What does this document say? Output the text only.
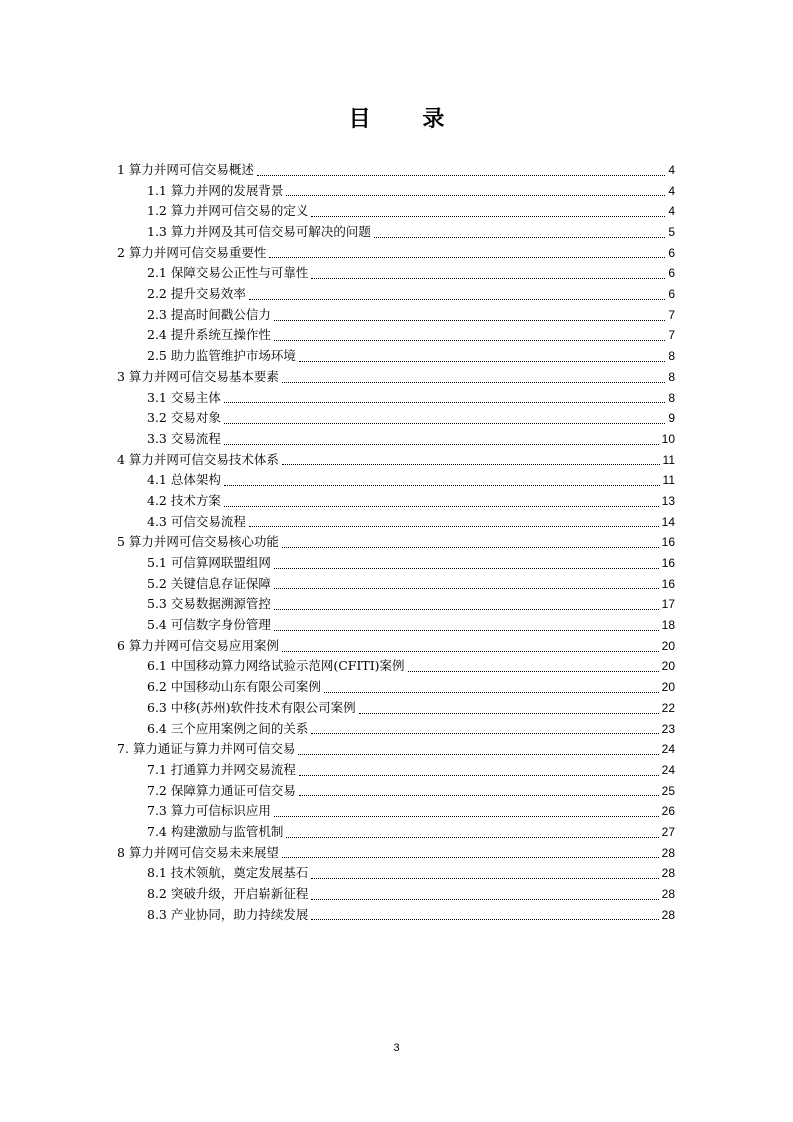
目 录
1 算力并网可信交易概述	4
1.1 算力并网的发展背景	4
1.2 算力并网可信交易的定义	4
1.3 算力并网及其可信交易可解决的问题	5
2 算力并网可信交易重要性	6
2.1 保障交易公正性与可靠性	6
2.2 提升交易效率	6
2.3 提高时间戳公信力	7
2.4 提升系统互操作性	7
2.5 助力监管维护市场环境	8
3 算力并网可信交易基本要素	8
3.1 交易主体	8
3.2 交易对象	9
3.3 交易流程	10
4 算力并网可信交易技术体系	11
4.1 总体架构	11
4.2 技术方案	13
4.3 可信交易流程	14
5 算力并网可信交易核心功能	16
5.1 可信算网联盟组网	16
5.2 关键信息存证保障	16
5.3 交易数据溯源管控	17
5.4 可信数字身份管理	18
6 算力并网可信交易应用案例	20
6.1 中国移动算力网络试验示范网(CFITI)案例	20
6.2 中国移动山东有限公司案例	20
6.3 中移(苏州)软件技术有限公司案例	22
6.4 三个应用案例之间的关系	23
7. 算力通证与算力并网可信交易	24
7.1 打通算力并网交易流程	24
7.2 保障算力通证可信交易	25
7.3 算力可信标识应用	26
7.4 构建激励与监管机制	27
8 算力并网可信交易未来展望	28
8.1 技术领航，奠定发展基石	28
8.2 突破升级，开启崭新征程	28
8.3 产业协同，助力持续发展	28
3
